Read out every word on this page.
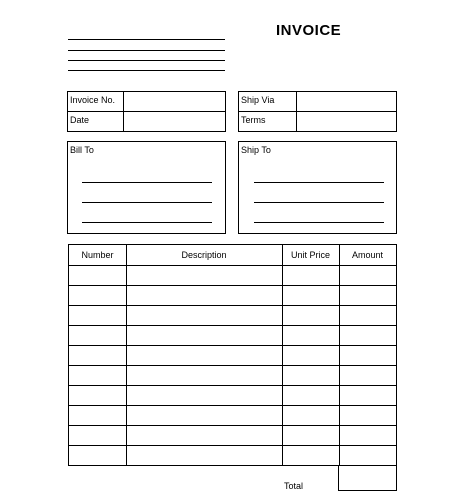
INVOICE
Invoice No.
Date
Ship Via
Terms
Bill To	Ship To
Number	Description	Unit Price	Amount
Total
